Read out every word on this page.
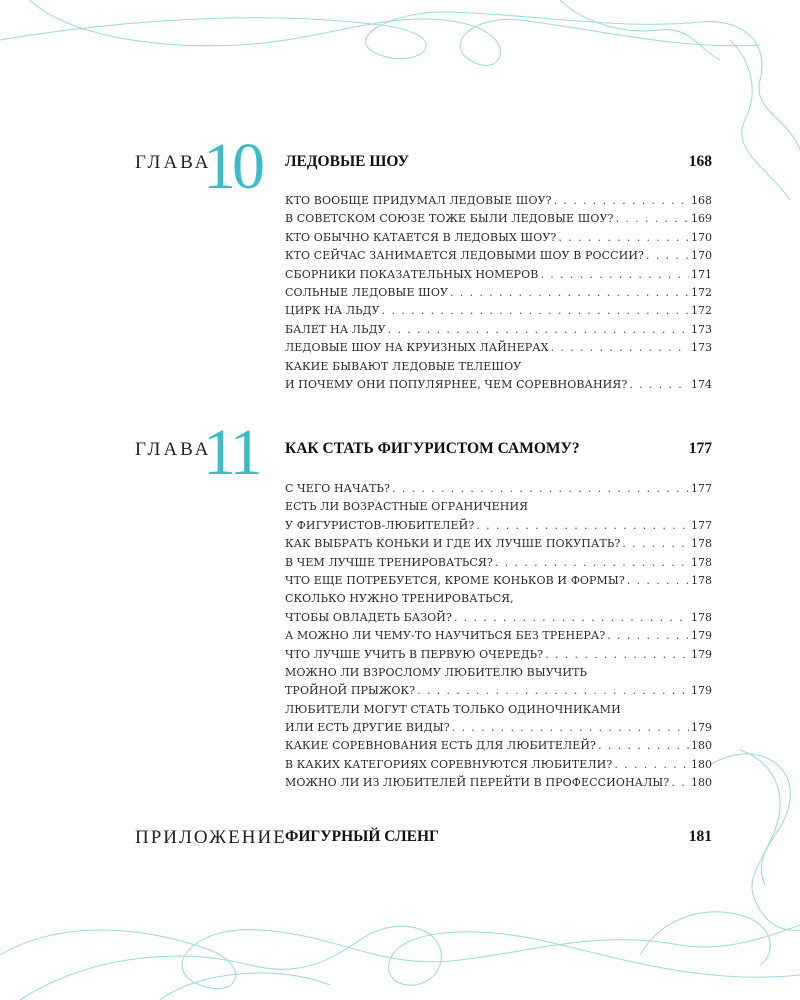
ГЛАВА
10 ЛЕДОВЫЕ ШОУ	168
КТО ВООБЩЕ ПРИДУМАЛ ЛЕДОВЫЕ ШОУ? . . .	168
В СОВЕТСКОМ СОЮЗЕ ТОЖЕ БЫЛИ ЛЕДОВЫЕ ШОУ? . . .	169
КТО ОБЫЧНО КАТАЕТСЯ В ЛЕДОВЫХ ШОУ? . . .	170
КТО СЕЙЧАС ЗАНИМАЕТСЯ ЛЕДОВЫМИ ШОУ В РОССИИ? . . .	170
СБОРНИКИ ПОКАЗАТЕЛЬНЫХ НОМЕРОВ . . .	171
СОЛЬНЫЕ ЛЕДОВЫЕ ШОУ . . .	172
ЦИРК НА ЛЬДУ . . .	172
БАЛЕТ НА ЛЬДУ . . .	173
ЛЕДОВЫЕ ШОУ НА КРУИЗНЫХ ЛАЙНЕРАХ . . .	173
КАКИЕ БЫВАЮТ ЛЕДОВЫЕ ТЕЛЕШОУ
И ПОЧЕМУ ОНИ ПОПУЛЯРНЕЕ, ЧЕМ СОРЕВНОВАНИЯ? . . .	174
ГЛАВА
11 КАК СТАТЬ ФИГУРИСТОМ САМОМУ?	177
С ЧЕГО НАЧАТЬ? . . .	177
ЕСТЬ ЛИ ВОЗРАСТНЫЕ ОГРАНИЧЕНИЯ
У ФИГУРИСТОВ-ЛЮБИТЕЛЕЙ? . . .	177
КАК ВЫБРАТЬ КОНЬКИ И ГДЕ ИХ ЛУЧШЕ ПОКУПАТЬ? . . .	178
В ЧЕМ ЛУЧШЕ ТРЕНИРОВАТЬСЯ? . . .	178
ЧТО ЕЩЕ ПОТРЕБУЕТСЯ, КРОМЕ КОНЬКОВ И ФОРМЫ? . . .	178
СКОЛЬКО НУЖНО ТРЕНИРОВАТЬСЯ,
ЧТОБЫ ОВЛАДЕТЬ БАЗОЙ? . . .	178
А МОЖНО ЛИ ЧЕМУ-ТО НАУЧИТЬСЯ БЕЗ ТРЕНЕРА? . . .	179
ЧТО ЛУЧШЕ УЧИТЬ В ПЕРВУЮ ОЧЕРЕДЬ? . . .	179
МОЖНО ЛИ ВЗРОСЛОМУ ЛЮБИТЕЛЮ ВЫУЧИТЬ
ТРОЙНОЙ ПРЫЖОК? . . .	179
ЛЮБИТЕЛИ МОГУТ СТАТЬ ТОЛЬКО ОДИНОЧНИКАМИ
ИЛИ ЕСТЬ ДРУГИЕ ВИДЫ? . . .	179
КАКИЕ СОРЕВНОВАНИЯ ЕСТЬ ДЛЯ ЛЮБИТЕЛЕЙ? . . .	180
В КАКИХ КАТЕГОРИЯХ СОРЕВНУЮТСЯ ЛЮБИТЕЛИ? . . .	180
МОЖНО ЛИ ИЗ ЛЮБИТЕЛЕЙ ПЕРЕЙТИ В ПРОФЕССИОНАЛЫ? . . . 180
ПРИЛОЖЕНИЕ
ФИГУРНЫЙ СЛЕНГ	181
